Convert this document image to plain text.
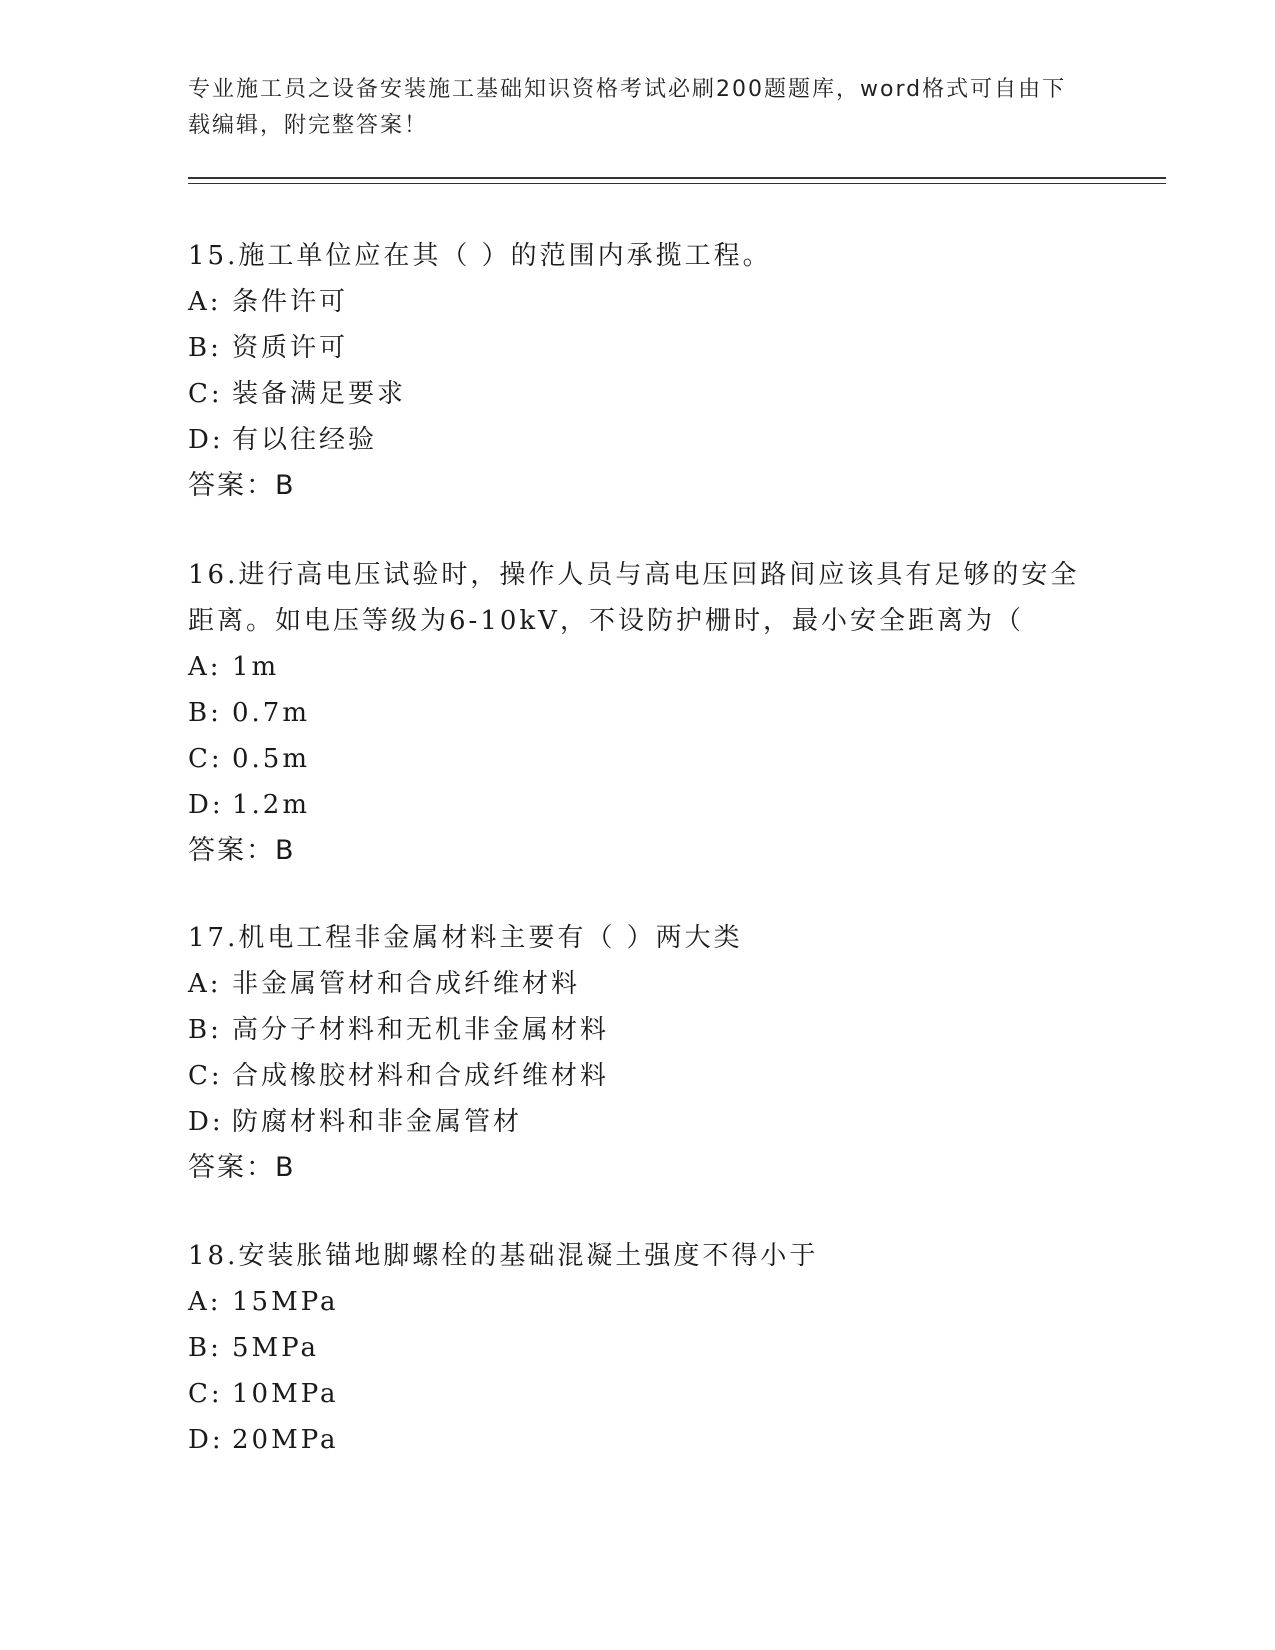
专业施工员之设备安装施工基础知识资格考试必刷200题题库，word格式可自由下载编辑，附完整答案！

15.施工单位应在其（ ）的范围内承揽工程。

A: 条件许可

B: 资质许可

C: 装备满足要求

D: 有以往经验

答案：B

16.进行高电压试验时，操作人员与高电压回路间应该具有足够的安全距离。如电压等级为6-10kV，不设防护栅时，最小安全距离为（

A: 1m

B: 0.7m

C: 0.5m

D: 1.2m

答案：B

17.机电工程非金属材料主要有（ ）两大类

A: 非金属管材和合成纤维材料

B: 高分子材料和无机非金属材料

C: 合成橡胶材料和合成纤维材料

D: 防腐材料和非金属管材

答案：B

18.安装胀锚地脚螺栓的基础混凝土强度不得小于

A: 15MPa

B: 5MPa

C: 10MPa

D: 20MPa
